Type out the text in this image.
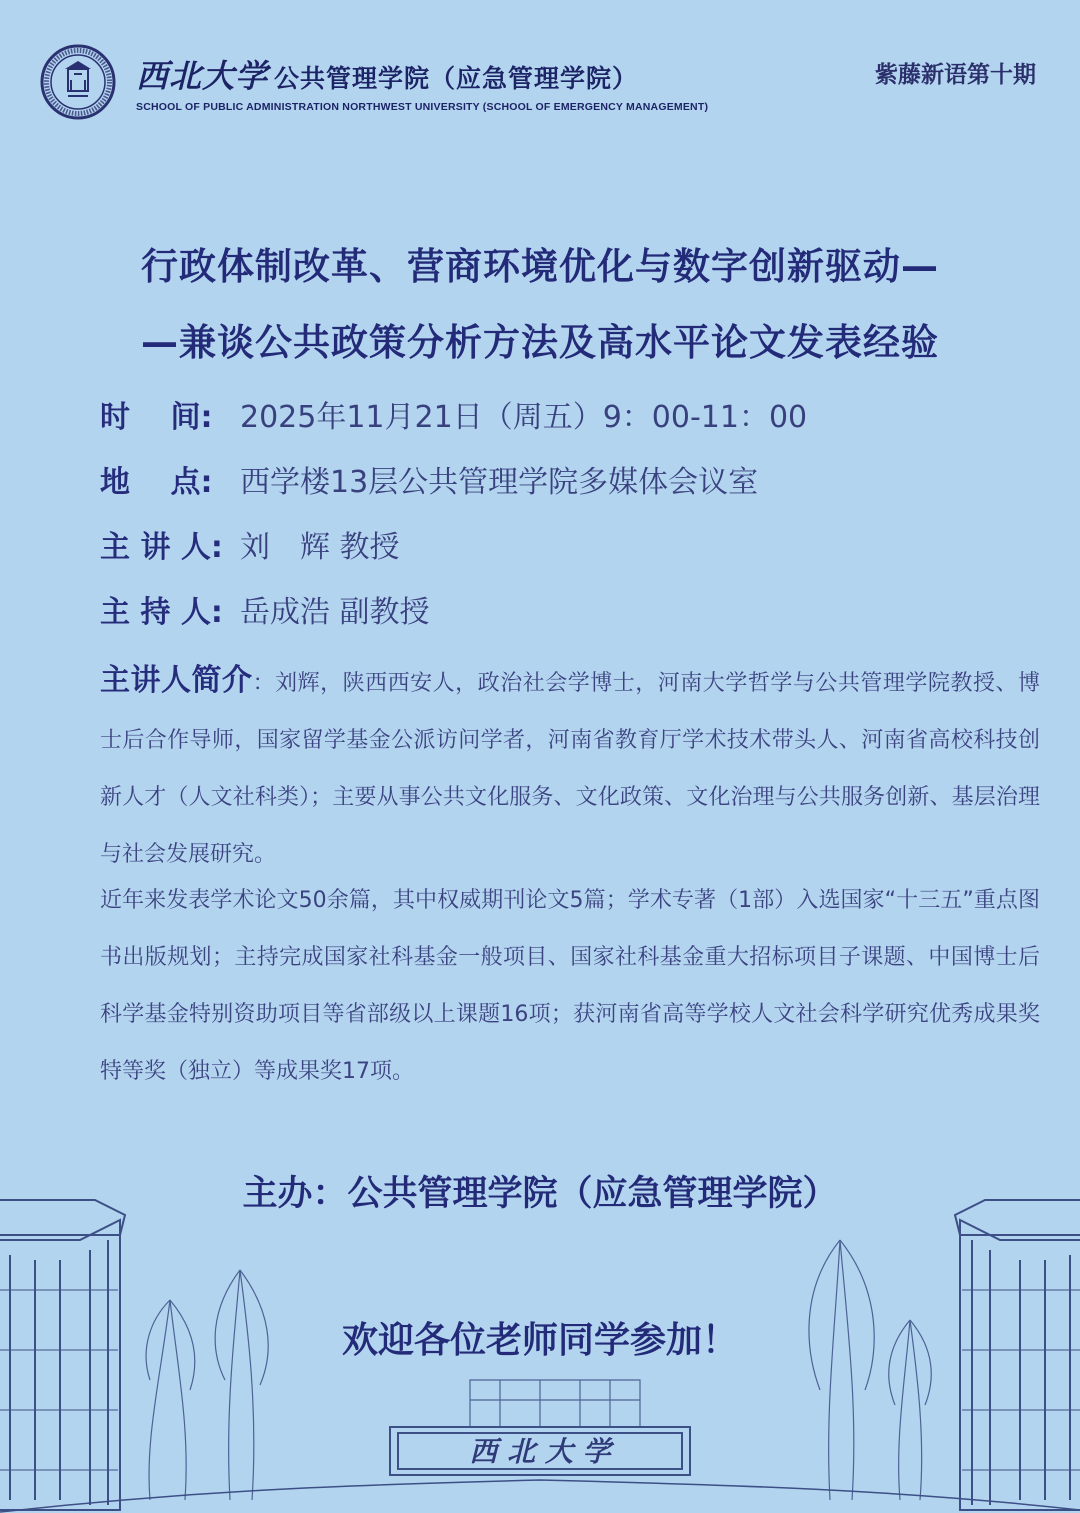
西北大学 公共管理学院（应急管理学院）
SCHOOL OF PUBLIC ADMINISTRATION NORTHWEST UNIVERSITY (SCHOOL OF EMERGENCY MANAGEMENT)
紫藤新语第十期
行政体制改革、营商环境优化与数字创新驱动—
—兼谈公共政策分析方法及高水平论文发表经验
时　 间: 2025年11月21日（周五）9：00-11：00
地　 点: 西学楼13层公共管理学院多媒体会议室
主 讲 人: 刘　辉 教授
主 持 人: 岳成浩 副教授
主讲人简介：刘辉，陕西西安人，政治社会学博士，河南大学哲学与公共管理学院教授、博士后合作导师，国家留学基金公派访问学者，河南省教育厅学术技术带头人、河南省高校科技创新人才（人文社科类）；主要从事公共文化服务、文化政策、文化治理与公共服务创新、基层治理与社会发展研究。
近年来发表学术论文50余篇，其中权威期刊论文5篇；学术专著（1部）入选国家“十三五”重点图书出版规划；主持完成国家社科基金一般项目、国家社科基金重大招标项目子课题、中国博士后科学基金特别资助项目等省部级以上课题16项；获河南省高等学校人文社会科学研究优秀成果奖特等奖（独立）等成果奖17项。
西 北 大 学
主办：公共管理学院（应急管理学院）
欢迎各位老师同学参加！
